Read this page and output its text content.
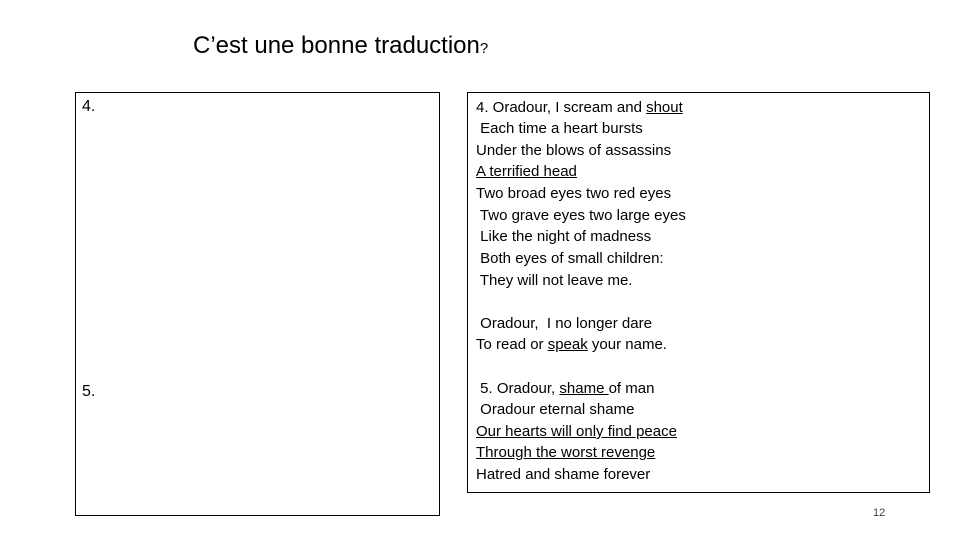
C’est une bonne traduction?
4.
5.
4. Oradour, I scream and shout
Each time a heart bursts
Under the blows of assassins
A terrified head
Two broad eyes two red eyes
Two grave eyes two large eyes
Like the night of madness
Both eyes of small children:
They will not leave me.
Oradour,  I no longer dare
To read or speak your name.
5. Oradour, shame of man
Oradour eternal shame
Our hearts will only find peace
Through the worst revenge
Hatred and shame forever
12
